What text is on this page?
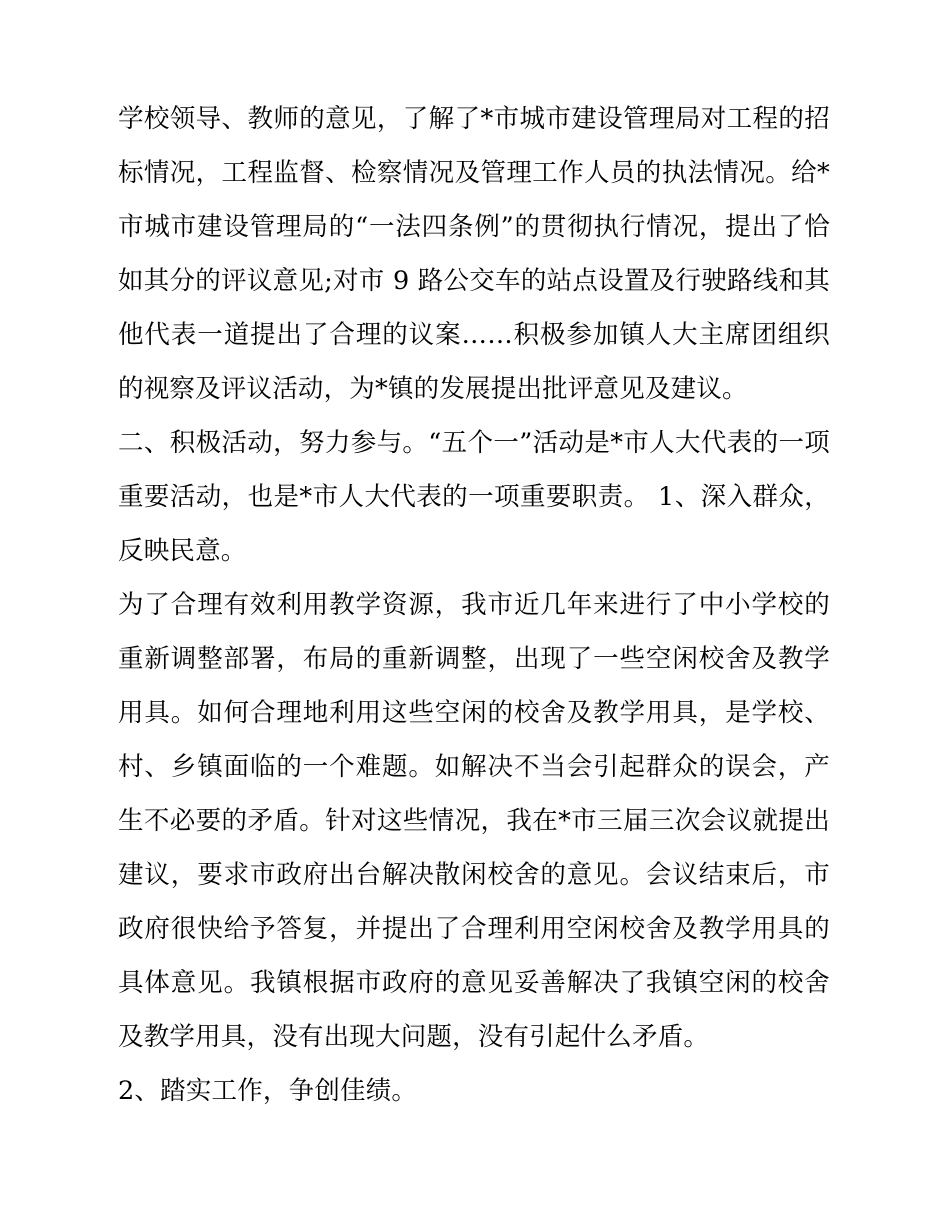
学校领导、教师的意见，了解了*市城市建设管理局对工程的招标情况，工程监督、检察情况及管理工作人员的执法情况。给*市城市建设管理局的“一法四条例”的贯彻执行情况，提出了恰如其分的评议意见;对市 9 路公交车的站点设置及行驶路线和其他代表一道提出了合理的议案……积极参加镇人大主席团组织的视察及评议活动，为*镇的发展提出批评意见及建议。

二、积极活动，努力参与。“五个一”活动是*市人大代表的一项重要活动，也是*市人大代表的一项重要职责。 1、深入群众，反映民意。

为了合理有效利用教学资源，我市近几年来进行了中小学校的重新调整部署，布局的重新调整，出现了一些空闲校舍及教学用具。如何合理地利用这些空闲的校舍及教学用具，是学校、村、乡镇面临的一个难题。如解决不当会引起群众的误会，产生不必要的矛盾。针对这些情况，我在*市三届三次会议就提出建议，要求市政府出台解决散闲校舍的意见。会议结束后，市政府很快给予答复，并提出了合理利用空闲校舍及教学用具的具体意见。我镇根据市政府的意见妥善解决了我镇空闲的校舍及教学用具，没有出现大问题，没有引起什么矛盾。

2、踏实工作，争创佳绩。
